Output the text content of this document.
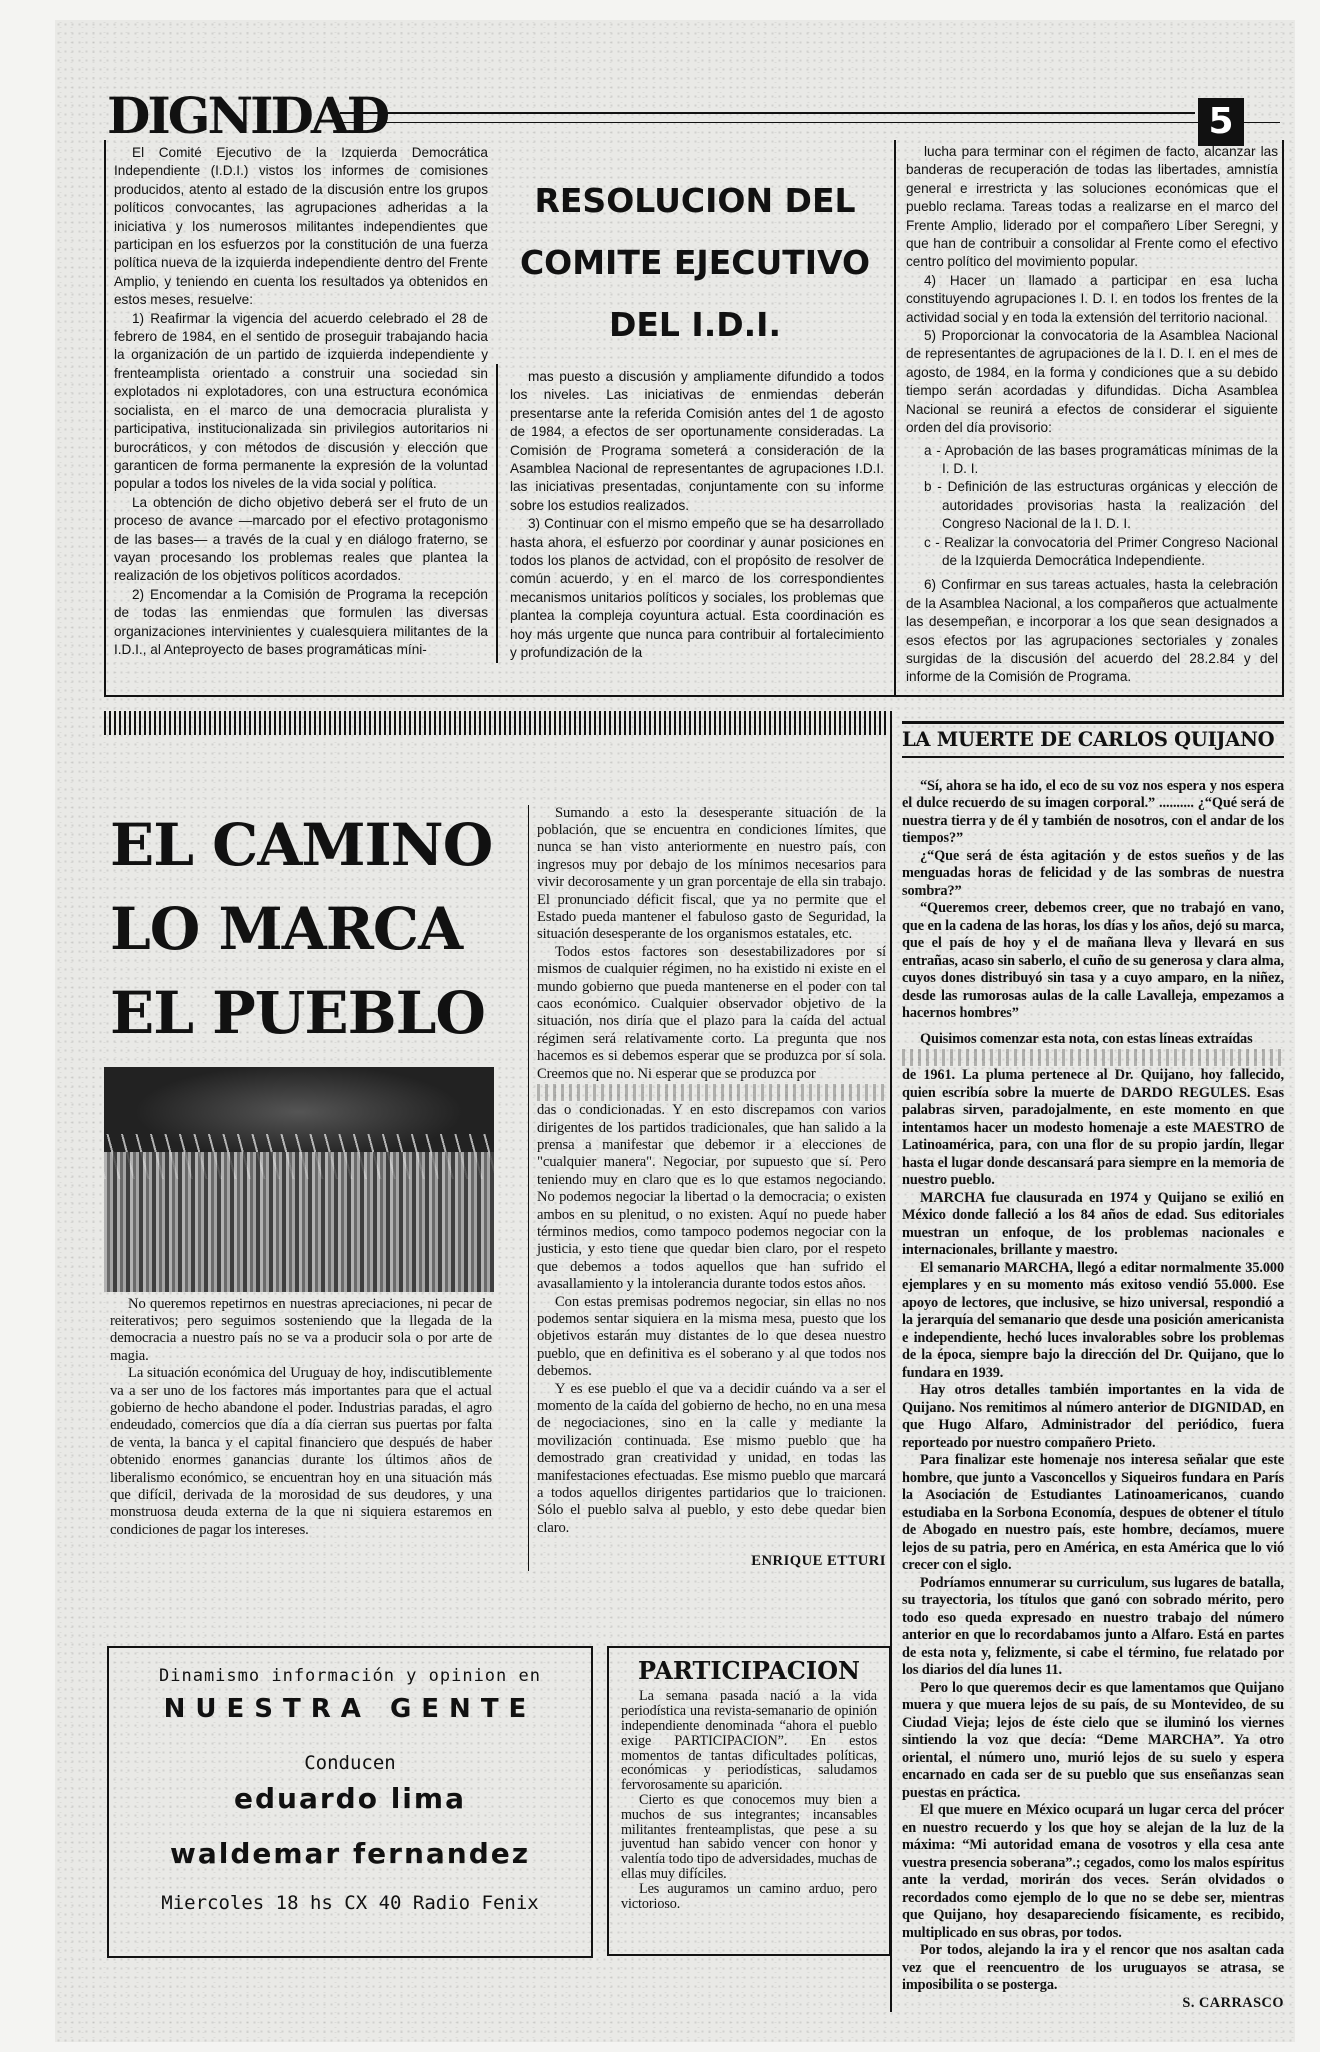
DIGNIDAD	5

El Comité Ejecutivo de la Izquierda Democrática Independiente (I.D.I.) vistos los informes de comisiones producidos, atento al estado de la discusión entre los grupos políticos convocantes, las agrupaciones adheridas a la iniciativa y los numerosos militantes independientes que participan en los esfuerzos por la constitución de una fuerza política nueva de la izquierda independiente dentro del Frente Amplio, y teniendo en cuenta los resultados ya obtenidos en estos meses, resuelve:

1) Reafirmar la vigencia del acuerdo celebrado el 28 de febrero de 1984, en el sentido de proseguir trabajando hacia la organización de un partido de izquierda independiente y frenteamplista orientado a construir una sociedad sin explotados ni explotadores, con una estructura económica socialista, en el marco de una democracia pluralista y participativa, institucionalizada sin privilegios autoritarios ni burocráticos, y con métodos de discusión y elección que garanticen de forma permanente la expresión de la voluntad popular a todos los niveles de la vida social y política.

La obtención de dicho objetivo deberá ser el fruto de un proceso de avance —marcado por el efectivo protagonismo de las bases— a través de la cual y en diálogo fraterno, se vayan procesando los problemas reales que plantea la realización de los objetivos políticos acordados.

2) Encomendar a la Comisión de Programa la recepción de todas las enmiendas que formulen las diversas organizaciones intervinientes y cualesquiera militantes de la I.D.I., al Anteproyecto de bases programáticas míni-

RESOLUCION DEL
COMITE EJECUTIVO
DEL I.D.I.

mas puesto a discusión y ampliamente difundido a todos los niveles. Las iniciativas de enmiendas deberán presentarse ante la referida Comisión antes del 1 de agosto de 1984, a efectos de ser oportunamente consideradas. La Comisión de Programa someterá a consideración de la Asamblea Nacional de representantes de agrupaciones I.D.I. las iniciativas presentadas, conjuntamente con su informe sobre los estudios realizados.

3) Continuar con el mismo empeño que se ha desarrollado hasta ahora, el esfuerzo por coordinar y aunar posiciones en todos los planos de actvidad, con el propósito de resolver de común acuerdo, y en el marco de los correspondientes mecanismos unitarios políticos y sociales, los problemas que plantea la compleja coyuntura actual. Esta coordinación es hoy más urgente que nunca para contribuir al fortalecimiento y profundización de la

lucha para terminar con el régimen de facto, alcanzar las banderas de recuperación de todas las libertades, amnistía general e irrestricta y las soluciones económicas que el pueblo reclama. Tareas todas a realizarse en el marco del Frente Amplio, liderado por el compañero Líber Seregni, y que han de contribuir a consolidar al Frente como el efectivo centro político del movimiento popular.

4) Hacer un llamado a participar en esa lucha constituyendo agrupaciones I. D. I. en todos los frentes de la actividad social y en toda la extensión del territorio nacional.

5) Proporcionar la convocatoria de la Asamblea Nacional de representantes de agrupaciones de la I. D. I. en el mes de agosto, de 1984, en la forma y condiciones que a su debido tiempo serán acordadas y difundidas. Dicha Asamblea Nacional se reunirá a efectos de considerar el siguiente orden del día provisorio:

a - Aprobación de las bases programáticas mínimas de la I. D. I.

b - Definición de las estructuras orgánicas y elección de autoridades provisorias hasta la realización del Congreso Nacional de la I. D. I.

c - Realizar la convocatoria del Primer Congreso Nacional de la Izquierda Democrática Independiente.

6) Confirmar en sus tareas actuales, hasta la celebración de la Asamblea Nacional, a los compañeros que actualmente las desempeñan, e incorporar a los que sean designados a esos efectos por las agrupaciones sectoriales y zonales surgidas de la discusión del acuerdo del 28.2.84 y del informe de la Comisión de Programa.

EL CAMINO
LO MARCA
EL PUEBLO

No queremos repetirnos en nuestras apreciaciones, ni pecar de reiterativos; pero seguimos sosteniendo que la llegada de la democracia a nuestro país no se va a producir sola o por arte de magia.

La situación económica del Uruguay de hoy, indiscutiblemente va a ser uno de los factores más importantes para que el actual gobierno de hecho abandone el poder. Industrias paradas, el agro endeudado, comercios que día a día cierran sus puertas por falta de venta, la banca y el capital financiero que después de haber obtenido enormes ganancias durante los últimos años de liberalismo económico, se encuentran hoy en una situación más que difícil, derivada de la morosidad de sus deudores, y una monstruosa deuda externa de la que ni siquiera estaremos en condiciones de pagar los intereses.

Sumando a esto la desesperante situación de la población, que se encuentra en condiciones límites, que nunca se han visto anteriormente en nuestro país, con ingresos muy por debajo de los mínimos necesarios para vivir decorosamente y un gran porcentaje de ella sin trabajo. El pronunciado déficit fiscal, que ya no permite que el Estado pueda mantener el fabuloso gasto de Seguridad, la situación desesperante de los organismos estatales, etc.

Todos estos factores son desestabilizadores por sí mismos de cualquier régimen, no ha existido ni existe en el mundo gobierno que pueda mantenerse en el poder con tal caos económico. Cualquier observador objetivo de la situación, nos diría que el plazo para la caída del actual régimen será relativamente corto. La pregunta que nos hacemos es si debemos esperar que se produzca por sí sola. Creemos que no. Ni esperar que se produzca por

das o condicionadas. Y en esto discrepamos con varios dirigentes de los partidos tradicionales, que han salido a la prensa a manifestar que debemor ir a elecciones de "cualquier manera". Negociar, por supuesto que sí. Pero teniendo muy en claro que es lo que estamos negociando. No podemos negociar la libertad o la democracia; o existen ambos en su plenitud, o no existen. Aquí no puede haber términos medios, como tampoco podemos negociar con la justicia, y esto tiene que quedar bien claro, por el respeto que debemos a todos aquellos que han sufrido el avasallamiento y la intolerancia durante todos estos años.

Con estas premisas podremos negociar, sin ellas no nos podemos sentar siquiera en la misma mesa, puesto que los objetivos estarán muy distantes de lo que desea nuestro pueblo, que en definitiva es el soberano y al que todos nos debemos.

Y es ese pueblo el que va a decidir cuándo va a ser el momento de la caída del gobierno de hecho, no en una mesa de negociaciones, sino en la calle y mediante la movilización continuada. Ese mismo pueblo que ha demostrado gran creatividad y unidad, en todas las manifestaciones efectuadas. Ese mismo pueblo que marcará a todos aquellos dirigentes partidarios que lo traicionen. Sólo el pueblo salva al pueblo, y esto debe quedar bien claro.

ENRIQUE ETTURI

LA MUERTE DE CARLOS QUIJANO

“Sí, ahora se ha ido, el eco de su voz nos espera y nos espera el dulce recuerdo de su imagen corporal.” .......... ¿“Qué será de nuestra tierra y de él y también de nosotros, con el andar de los tiempos?”

¿“Que será de ésta agitación y de estos sueños y de las menguadas horas de felicidad y de las sombras de nuestra sombra?”

“Queremos creer, debemos creer, que no trabajó en vano, que en la cadena de las horas, los días y los años, dejó su marca, que el país de hoy y el de mañana lleva y llevará en sus entrañas, acaso sin saberlo, el cuño de su generosa y clara alma, cuyos dones distribuyó sin tasa y a cuyo amparo, en la niñez, desde las rumorosas aulas de la calle Lavalleja, empezamos a hacernos hombres”

Quisimos comenzar esta nota, con estas líneas extraídas

de 1961. La pluma pertenece al Dr. Quijano, hoy fallecido, quien escribía sobre la muerte de DARDO REGULES. Esas palabras sirven, paradojalmente, en este momento en que intentamos hacer un modesto homenaje a este MAESTRO de Latinoamérica, para, con una flor de su propio jardín, llegar hasta el lugar donde descansará para siempre en la memoria de nuestro pueblo.

MARCHA fue clausurada en 1974 y Quijano se exilió en México donde falleció a los 84 años de edad. Sus editoriales muestran un enfoque, de los problemas nacionales e internacionales, brillante y maestro.

El semanario MARCHA, llegó a editar normalmente 35.000 ejemplares y en su momento más exitoso vendió 55.000. Ese apoyo de lectores, que inclusive, se hizo universal, respondió a la jerarquía del semanario que desde una posición americanista e independiente, hechó luces invalorables sobre los problemas de la época, siempre bajo la dirección del Dr. Quijano, que lo fundara en 1939.

Hay otros detalles también importantes en la vida de Quijano. Nos remitimos al número anterior de DIGNIDAD, en que Hugo Alfaro, Administrador del periódico, fuera reporteado por nuestro compañero Prieto.

Para finalizar este homenaje nos interesa señalar que este hombre, que junto a Vasconcellos y Siqueiros fundara en París la Asociación de Estudiantes Latinoamericanos, cuando estudiaba en la Sorbona Economía, despues de obtener el título de Abogado en nuestro país, este hombre, decíamos, muere lejos de su patria, pero en América, en esta América que lo vió crecer con el siglo.

Podríamos ennumerar su curriculum, sus lugares de batalla, su trayectoria, los títulos que ganó con sobrado mérito, pero todo eso queda expresado en nuestro trabajo del número anterior en que lo recordabamos junto a Alfaro. Está en partes de esta nota y, felizmente, si cabe el término, fue relatado por los diarios del día lunes 11.

Pero lo que queremos decir es que lamentamos que Quijano muera y que muera lejos de su país, de su Montevideo, de su Ciudad Vieja; lejos de éste cielo que se iluminó los viernes sintiendo la voz que decía: “Deme MARCHA”. Ya otro oriental, el número uno, murió lejos de su suelo y espera encarnado en cada ser de su pueblo que sus enseñanzas sean puestas en práctica.

El que muere en México ocupará un lugar cerca del prócer en nuestro recuerdo y los que hoy se alejan de la luz de la máxima: “Mi autoridad emana de vosotros y ella cesa ante vuestra presencia soberana”.; cegados, como los malos espíritus ante la verdad, morirán dos veces. Serán olvidados o recordados como ejemplo de lo que no se debe ser, mientras que Quijano, hoy desapareciendo físicamente, es recibido, multiplicado en sus obras, por todos.

Por todos, alejando la ira y el rencor que nos asaltan cada vez que el reencuentro de los uruguayos se atrasa, se imposibilita o se posterga.

S. CARRASCO

Dinamismo información y opinion en
NUESTRA GENTE
Conducen
eduardo lima
waldemar fernandez
Miercoles 18 hs CX 40 Radio Fenix
PARTICIPACION

La semana pasada nació a la vida periodística una revista-semanario de opinión independiente denominada “ahora el pueblo exige PARTICIPACION”. En estos momentos de tantas dificultades políticas, económicas y periodísticas, saludamos fervorosamente su aparición.

Cierto es que conocemos muy bien a muchos de sus integrantes; incansables militantes frenteamplistas, que pese a su juventud han sabido vencer con honor y valentía todo tipo de adversidades, muchas de ellas muy difíciles.

Les auguramos un camino arduo, pero victorioso.
